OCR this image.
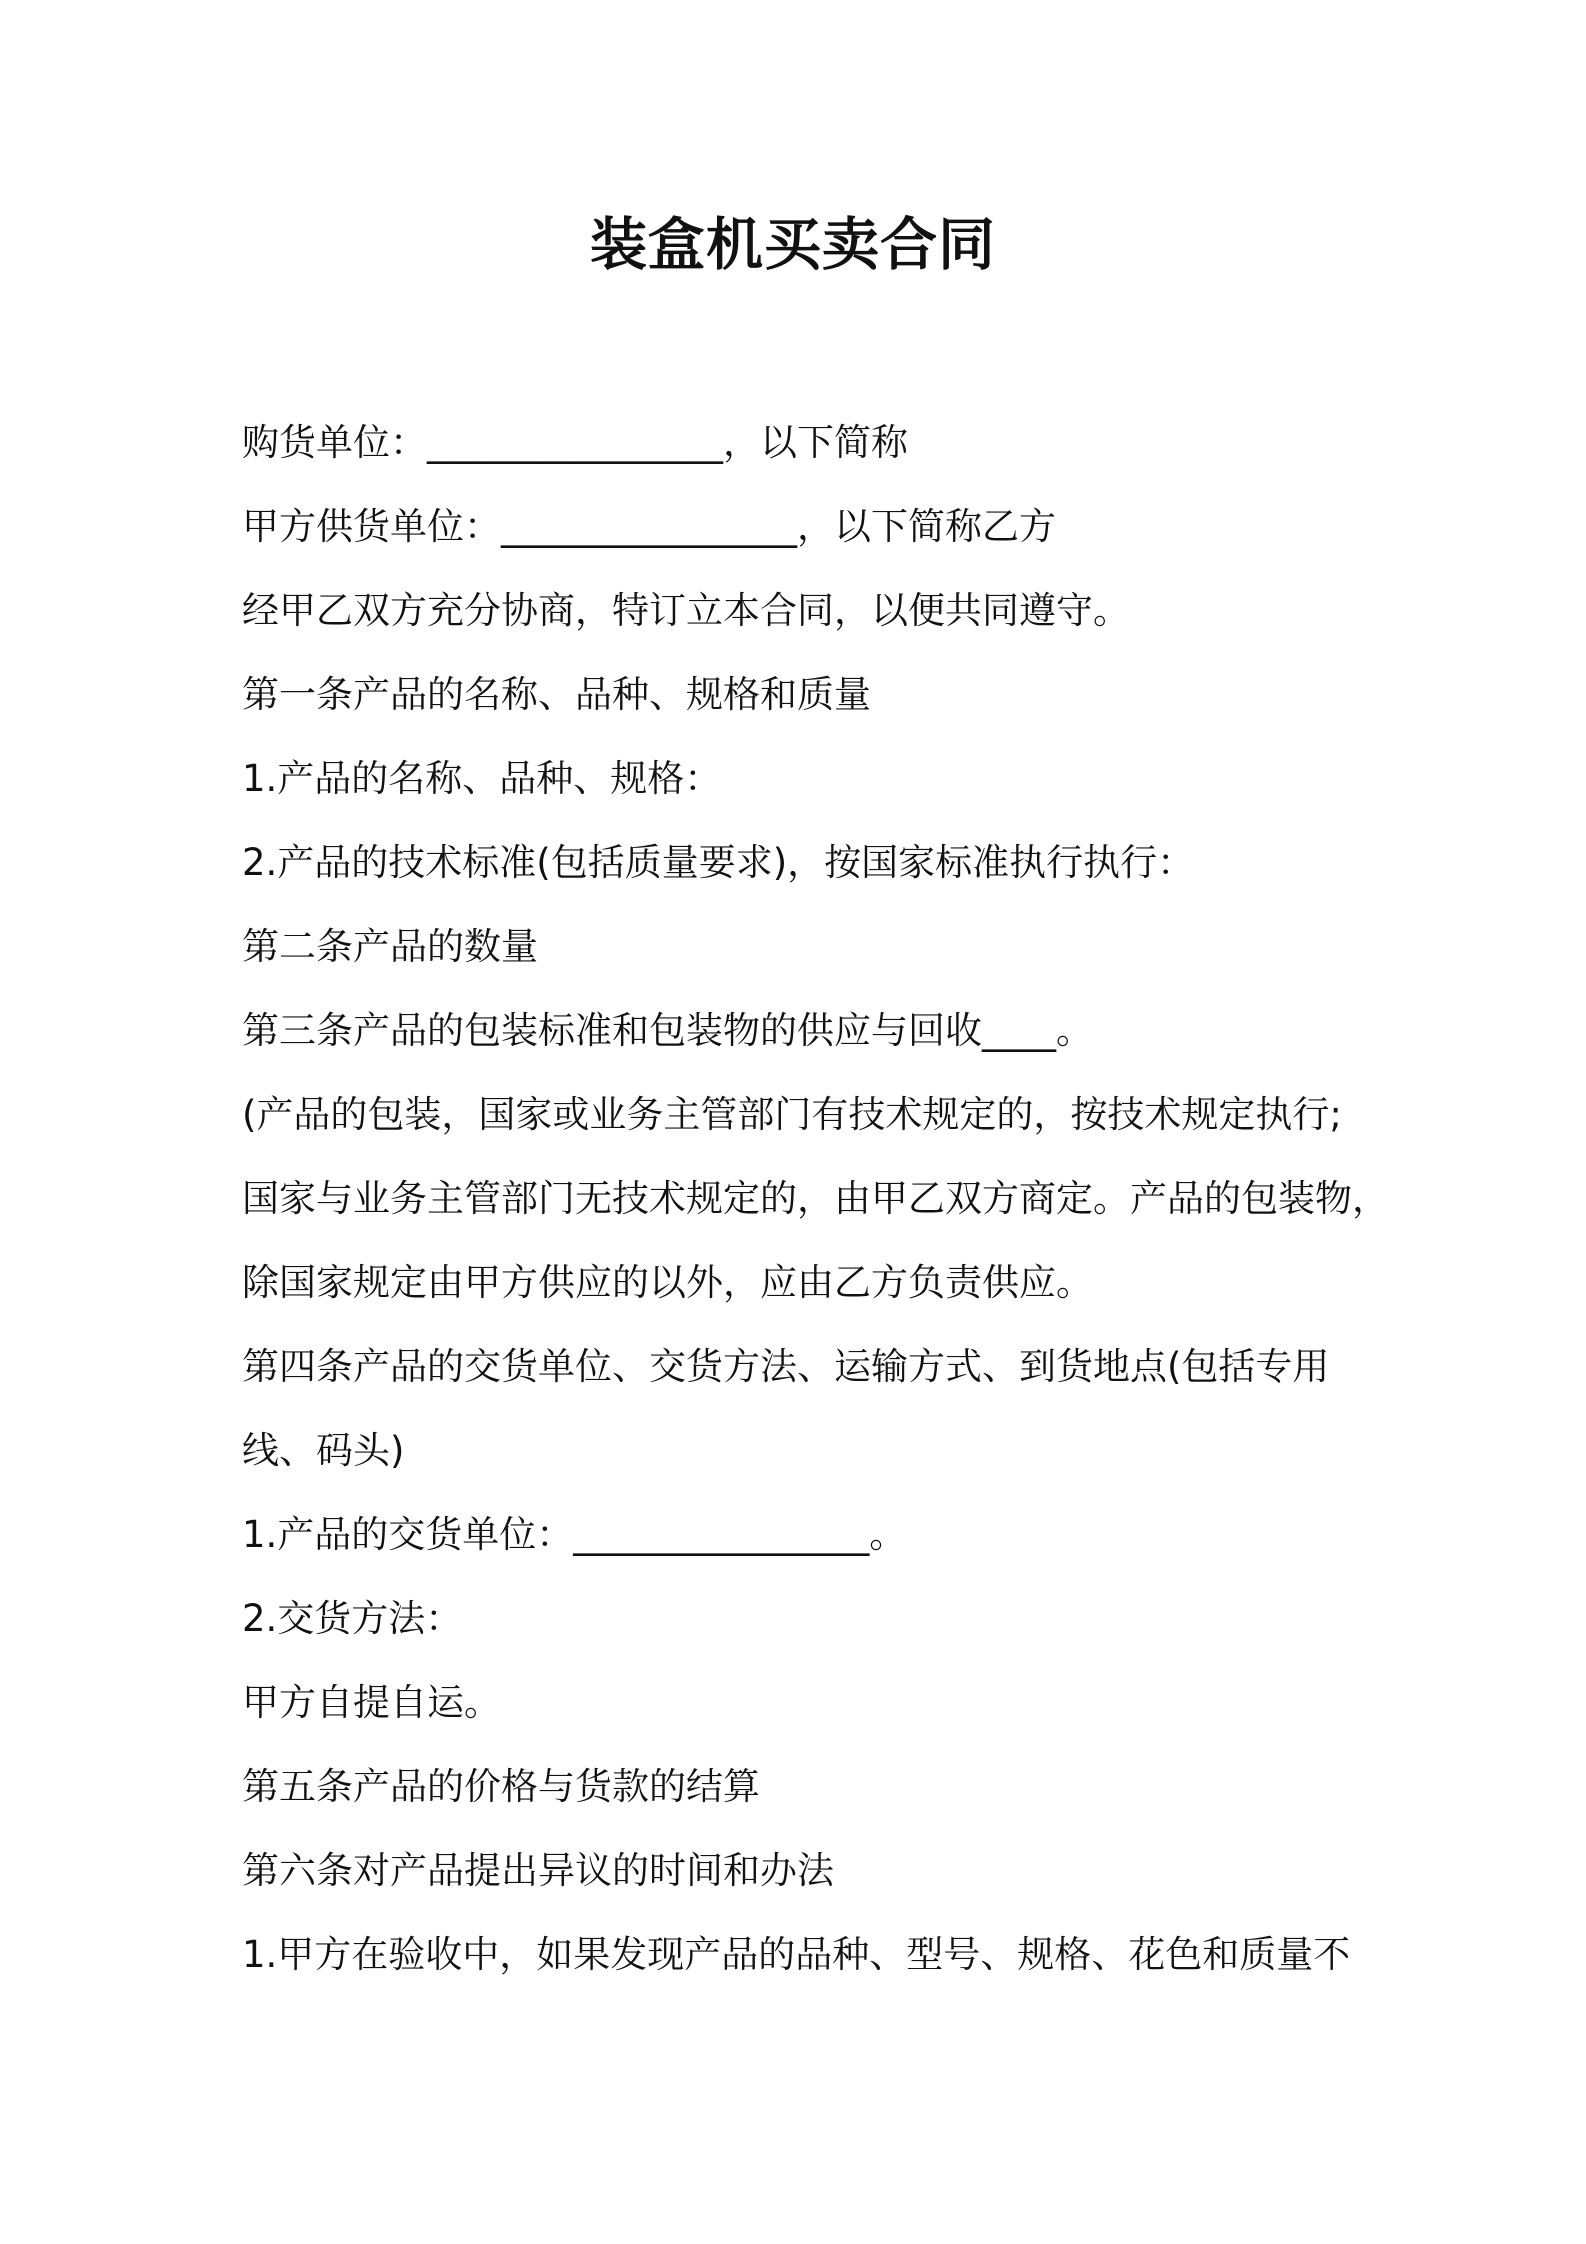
装盒机买卖合同

购货单位：________________，以下简称

甲方供货单位：________________，以下简称乙方

经甲乙双方充分协商，特订立本合同，以便共同遵守。

第一条产品的名称、品种、规格和质量

1.产品的名称、品种、规格：

2.产品的技术标准(包括质量要求)，按国家标准执行执行：

第二条产品的数量

第三条产品的包装标准和包装物的供应与回收____。

(产品的包装，国家或业务主管部门有技术规定的，按技术规定执行;

国家与业务主管部门无技术规定的，由甲乙双方商定。产品的包装物，

除国家规定由甲方供应的以外，应由乙方负责供应。

第四条产品的交货单位、交货方法、运输方式、到货地点(包括专用

线、码头)

1.产品的交货单位：________________。

2.交货方法：

甲方自提自运。

第五条产品的价格与货款的结算

第六条对产品提出异议的时间和办法

1.甲方在验收中，如果发现产品的品种、型号、规格、花色和质量不
